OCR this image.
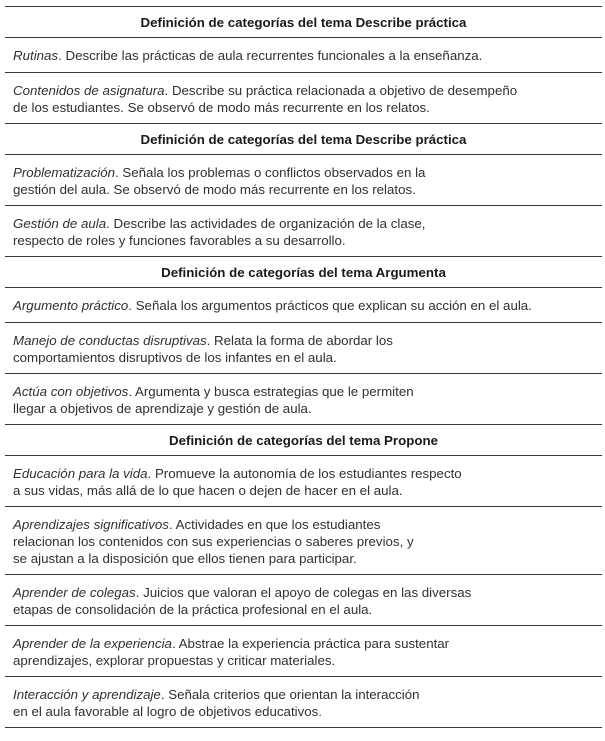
Definición de categorías del tema Describe práctica
Rutinas. Describe las prácticas de aula recurrentes funcionales a la enseñanza.
Contenidos de asignatura. Describe su práctica relacionada a objetivo de desempeño
de los estudiantes. Se observó de modo más recurrente en los relatos.
Definición de categorías del tema Describe práctica
Problematización. Señala los problemas o conflictos observados en la
gestión del aula. Se observó de modo más recurrente en los relatos.
Gestión de aula. Describe las actividades de organización de la clase,
respecto de roles y funciones favorables a su desarrollo.
Definición de categorías del tema Argumenta
Argumento práctico. Señala los argumentos prácticos que explican su acción en el aula.
Manejo de conductas disruptivas. Relata la forma de abordar los
comportamientos disruptivos de los infantes en el aula.
Actúa con objetivos. Argumenta y busca estrategias que le permiten
llegar a objetivos de aprendizaje y gestión de aula.
Definición de categorías del tema Propone
Educación para la vida. Promueve la autonomía de los estudiantes respecto
a sus vidas, más allá de lo que hacen o dejen de hacer en el aula.
Aprendizajes significativos. Actividades en que los estudiantes
relacionan los contenidos con sus experiencias o saberes previos, y
se ajustan a la disposición que ellos tienen para participar.
Aprender de colegas. Juicios que valoran el apoyo de colegas en las diversas
etapas de consolidación de la práctica profesional en el aula.
Aprender de la experiencia. Abstrae la experiencia práctica para sustentar
aprendizajes, explorar propuestas y criticar materiales.
Interacción y aprendizaje. Señala criterios que orientan la interacción
en el aula favorable al logro de objetivos educativos.
